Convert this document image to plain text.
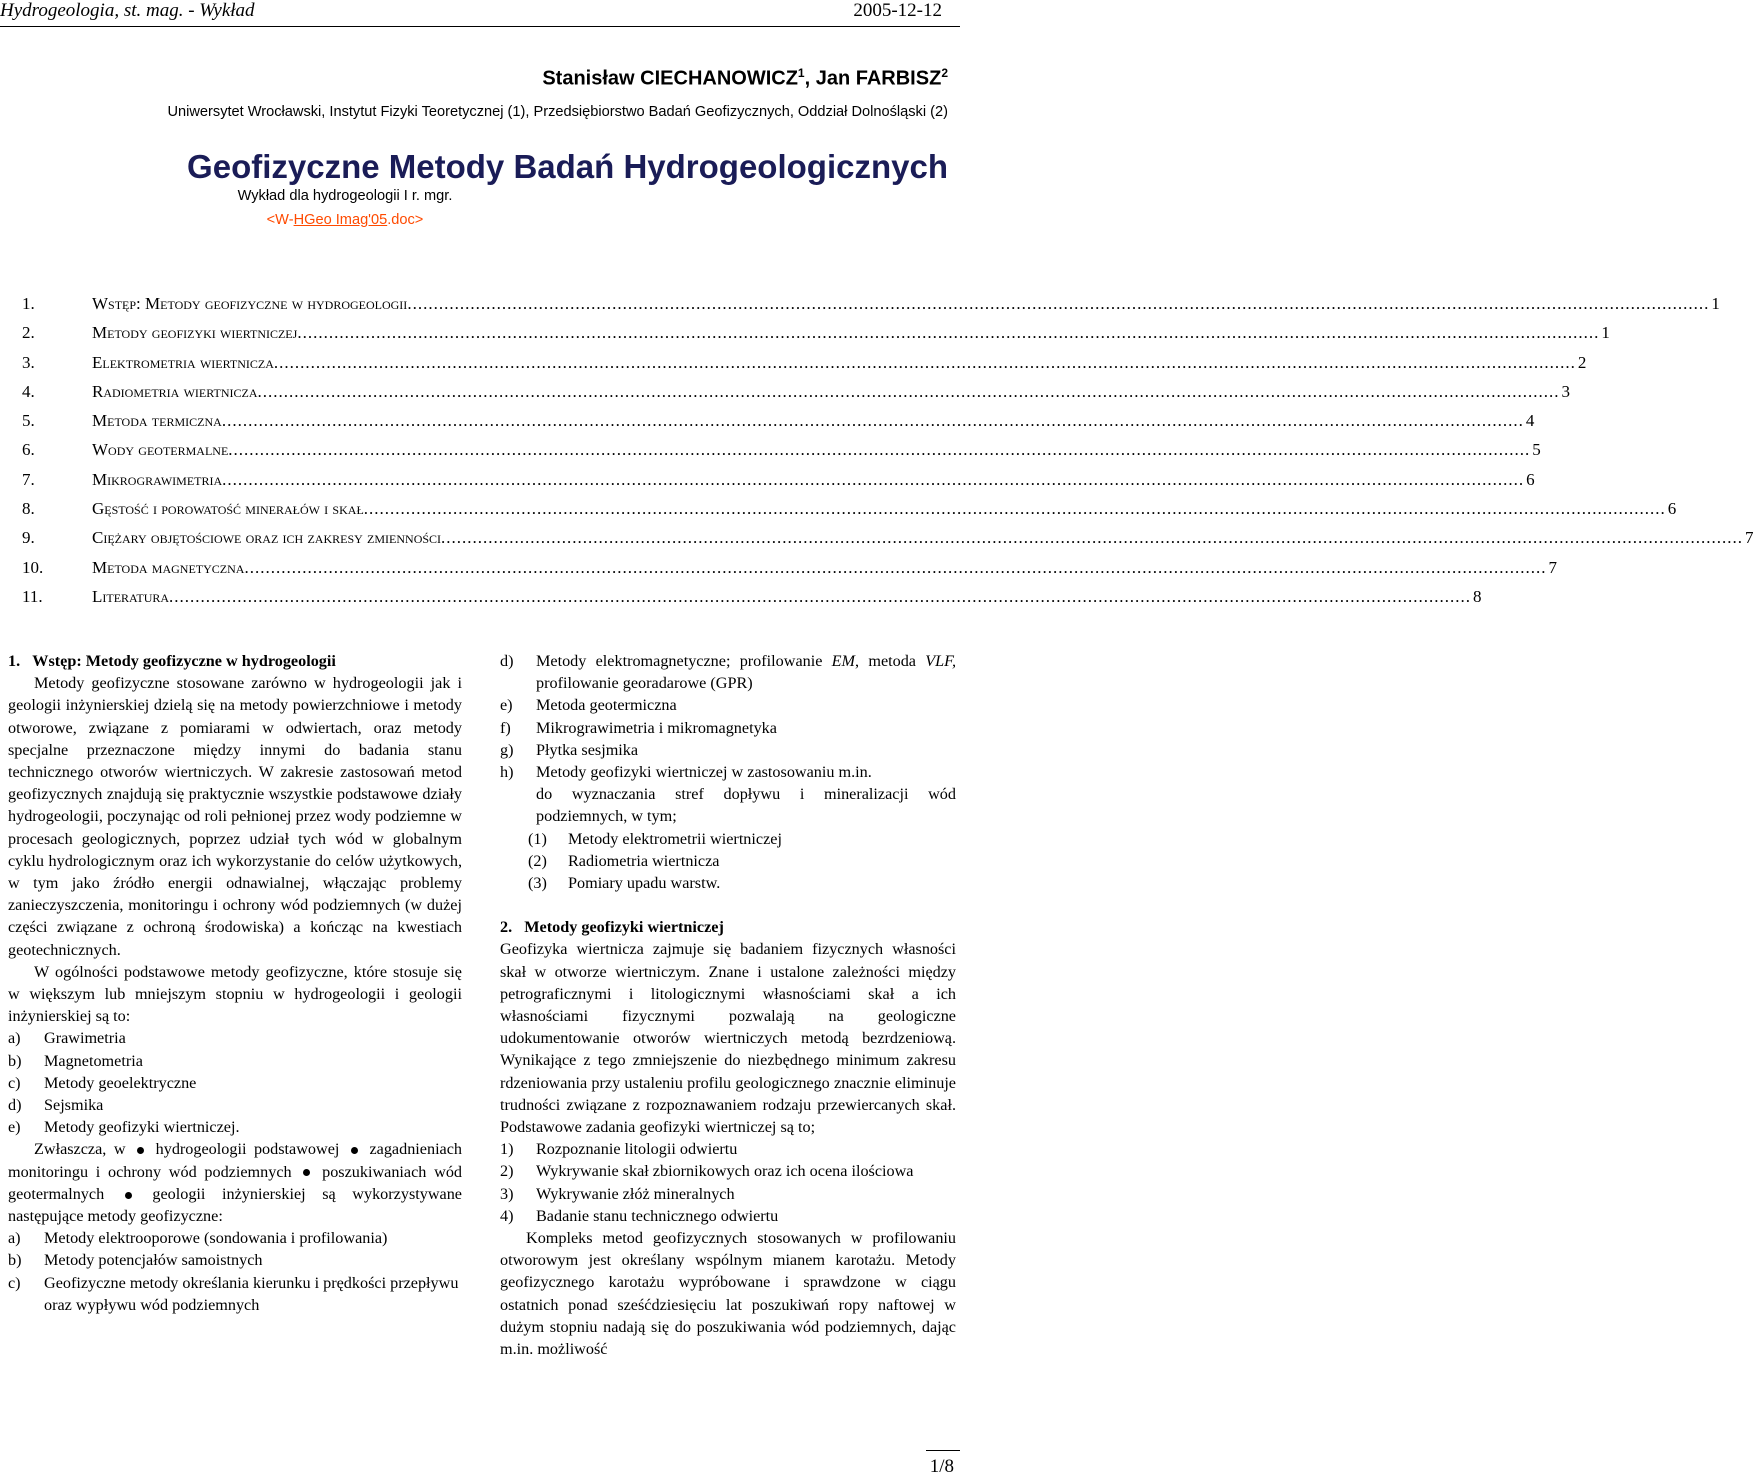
Hydrogeologia, st. mag. - Wykład	2005-12-12
Stanisław CIECHANOWICZ$^1$, Jan FARBISZ$^2$
Uniwersytet Wrocławski, Instytut Fizyki Teoretycznej (1), Przedsiębiorstwo Badań Geofizycznych, Oddział Dolnośląski (2)
Geofizyczne Metody Badań Hydrogeologicznych
Wykład dla hydrogeologii I r. mgr.
<W-HGeo Imag'05.doc>
1.	Wstęp: Metody geofizyczne w hydrogeologii ........................................................................................................................................................................................................................................................ 1
2.	Metody geofizyki wiertniczej ........................................................................................................................................................................................................................................................ 1
3.	Elektrometria wiertnicza ........................................................................................................................................................................................................................................................ 2
4.	Radiometria wiertnicza ........................................................................................................................................................................................................................................................ 3
5.	Metoda termiczna ........................................................................................................................................................................................................................................................ 4
6.	Wody geotermalne ........................................................................................................................................................................................................................................................ 5
7.	Mikrograwimetria ........................................................................................................................................................................................................................................................ 6
8.	Gęstość i porowatość minerałów i skał ........................................................................................................................................................................................................................................................ 6
9.	Ciężary objętościowe oraz ich zakresy zmienności ........................................................................................................................................................................................................................................................ 7
10.	Metoda magnetyczna ........................................................................................................................................................................................................................................................ 7
11.	Literatura ........................................................................................................................................................................................................................................................ 8

1. Wstęp: Metody geofizyczne w hydrogeologii

Metody geofizyczne stosowane zarówno w hydrogeologii jak i geologii inżynierskiej dzielą się na metody powierzchniowe i metody otworowe, związane z pomiarami w odwiertach, oraz metody specjalne przeznaczone między innymi do badania stanu technicznego otworów wiertniczych. W zakresie zastosowań metod geofizycznych znajdują się praktycznie wszystkie podstawowe działy hydrogeologii, poczynając od roli pełnionej przez wody podziemne w procesach geologicznych, poprzez udział tych wód w globalnym cyklu hydrologicznym oraz ich wykorzystanie do celów użytkowych, w tym jako źródło energii odnawialnej, włączając problemy zanieczyszczenia, monitoringu i ochrony wód podziemnych (w dużej części związane z ochroną środowiska) a kończąc na kwestiach geotechnicznych.

W ogólności podstawowe metody geofizyczne, które stosuje się w większym lub mniejszym stopniu w hydrogeologii i geologii inżynierskiej są to:

a)	Grawimetria
b)	Magnetometria
c)	Metody geoelektryczne
d)	Sejsmika
e)	Metody geofizyki wiertniczej.

Zwłaszcza, w hydrogeologii podstawowej zagadnieniach monitoringu i ochrony wód podziemnych poszukiwaniach wód geotermalnych	geologii inżynierskiej są wykorzystywane następujące metody geofizyczne:

a)	Metody elektrooporowe (sondowania i profilowania)
b)	Metody potencjałów samoistnych
c)	Geofizyczne metody określania kierunku i prędkości przepływu oraz wypływu wód podziemnych
d)	Metody elektromagnetyczne; profilowanie EM, metoda VLF, profilowanie georadarowe (GPR)
e)	Metoda geotermiczna
f)	Mikrograwimetria i mikromagnetyka
g)	Płytka sesjmika
h)	Metody geofizyki wiertniczej w zastosowaniu m.in.

do wyznaczania stref dopływu i mineralizacji wód podziemnych, w tym;

(1)	Metody elektrometrii wiertniczej
(2)	Radiometria wiertnicza
(3)	Pomiary upadu warstw.

2. Metody geofizyki wiertniczej

Geofizyka wiertnicza zajmuje się badaniem fizycznych własności skał w otworze wiertniczym. Znane i ustalone zależności między petrograficznymi i litologicznymi własnościami skał a ich własnościami fizycznymi pozwalają na geologiczne udokumentowanie otworów wiertniczych metodą bezrdzeniową. Wynikające z tego zmniejszenie do niezbędnego minimum zakresu rdzeniowania przy ustaleniu profilu geologicznego znacznie eliminuje trudności związane z rozpoznawaniem rodzaju przewiercanych skał. Podstawowe zadania geofizyki wiertniczej są to;

1)	Rozpoznanie litologii odwiertu
2)	Wykrywanie skał zbiornikowych oraz ich ocena ilościowa
3)	Wykrywanie złóż mineralnych
4)	Badanie stanu technicznego odwiertu

Kompleks metod geofizycznych stosowanych w profilowaniu otworowym jest określany wspólnym mianem karotażu. Metody geofizycznego karotażu wypróbowane i sprawdzone w ciągu ostatnich ponad sześćdziesięciu lat poszukiwań ropy naftowej w dużym stopniu nadają się do poszukiwania wód podziemnych, dając m.in. możliwość

1/8
